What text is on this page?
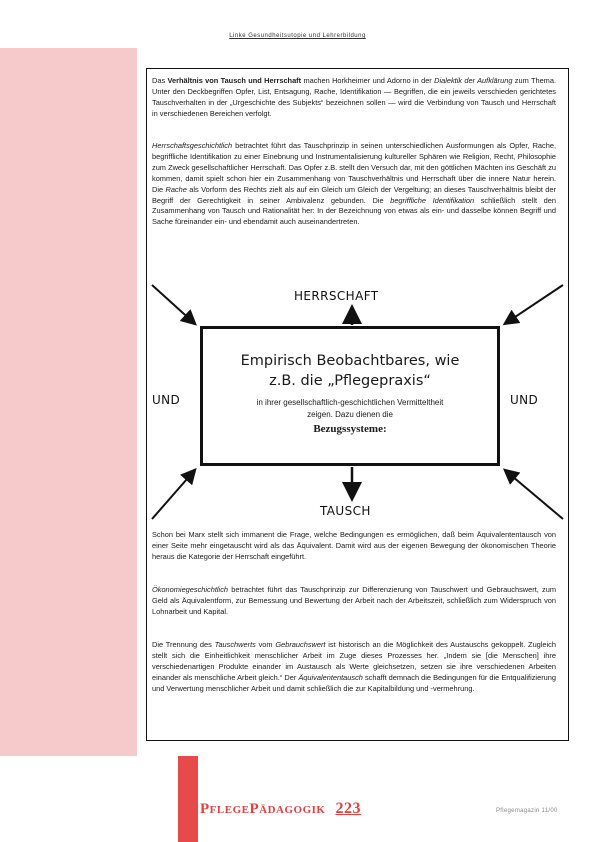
Linke Gesundheitsutopie und Lehrerbildung

Das Verhältnis von Tausch und Herrschaft machen Horkheimer und Adorno in der Dialektik der Aufklärung zum Thema. Unter den Deckbegriffen Opfer, List, Entsagung, Rache, Identifikation — Begriffen, die ein jeweils verschieden gerichtetes Tauschverhalten in der „Urgeschichte des Subjekts“ bezeichnen sollen — wird die Verbindung von Tausch und Herrschaft in verschiedenen Bereichen verfolgt.

Herrschaftsgeschichtlich betrachtet führt das Tauschprinzip in seinen unterschiedlichen Ausformungen als Opfer, Rache, begriffliche Identifikation zu einer Einebnung und Instrumentalisierung kultureller Sphären wie Religion, Recht, Philosophie zum Zweck gesellschaftlicher Herrschaft. Das Opfer z.B. stellt den Versuch dar, mit den göttlichen Mächten ins Geschäft zu kommen, damit spielt schon hier ein Zusammenhang von Tauschverhältnis und Herrschaft über die innere Natur herein. Die Rache als Vorform des Rechts zielt als auf ein Gleich um Gleich der Vergeltung; an dieses Tauschverhältnis bleibt der Begriff der Gerechtigkeit in seiner Ambivalenz gebunden. Die begriffliche Identifikation schließlich stellt den Zusammenhang von Tausch und Rationalität her: In der Bezeichnung von etwas als ein- und dasselbe können Begriff und Sache füreinander ein- und ebendamit auch auseinandertreten.

HERRSCHAFT
TAUSCH
UND	UND
Empirisch Beobachtbares, wie
z.B. die „Pflegepraxis“
in ihrer gesellschaftlich-geschichtlichen Vermitteltheit zeigen. Dazu dienen die
Bezugssysteme:

Schon bei Marx stellt sich immanent die Frage, welche Bedingungen es ermöglichen, daß beim Äquivalententausch von einer Seite mehr eingetauscht wird als das Äquivalent. Damit wird aus der eigenen Bewegung der ökonomischen Theorie heraus die Kategorie der Herrschaft eingeführt.

Ökonomiegeschichtlich betrachtet führt das Tauschprinzip zur Differenzierung von Tauschwert und Gebrauchswert, zum Geld als Äquivalentform, zur Bemessung und Bewertung der Arbeit nach der Arbeitszeit, schließlich zum Widerspruch von Lohnarbeit und Kapital.

Die Trennung des Tauschwerts vom Gebrauchswert ist historisch an die Möglichkeit des Austauschs gekoppelt. Zugleich stellt sich die Einheitlichkeit menschlicher Arbeit im Zuge dieses Prozesses her. „Indem sie [die Menschen] ihre verschiedenartigen Produkte einander im Austausch als Werte gleichsetzen, setzen sie ihre verschiedenen Arbeiten einander als menschliche Arbeit gleich.“ Der Äquivalententausch schafft demnach die Bedingungen für die Entqualifizierung und Verwertung menschlicher Arbeit und damit schließlich die zur Kapitalbildung und -vermehrung.

PFLEGEPÄDAGOGIK 223	Pflegemagazin 11/00
